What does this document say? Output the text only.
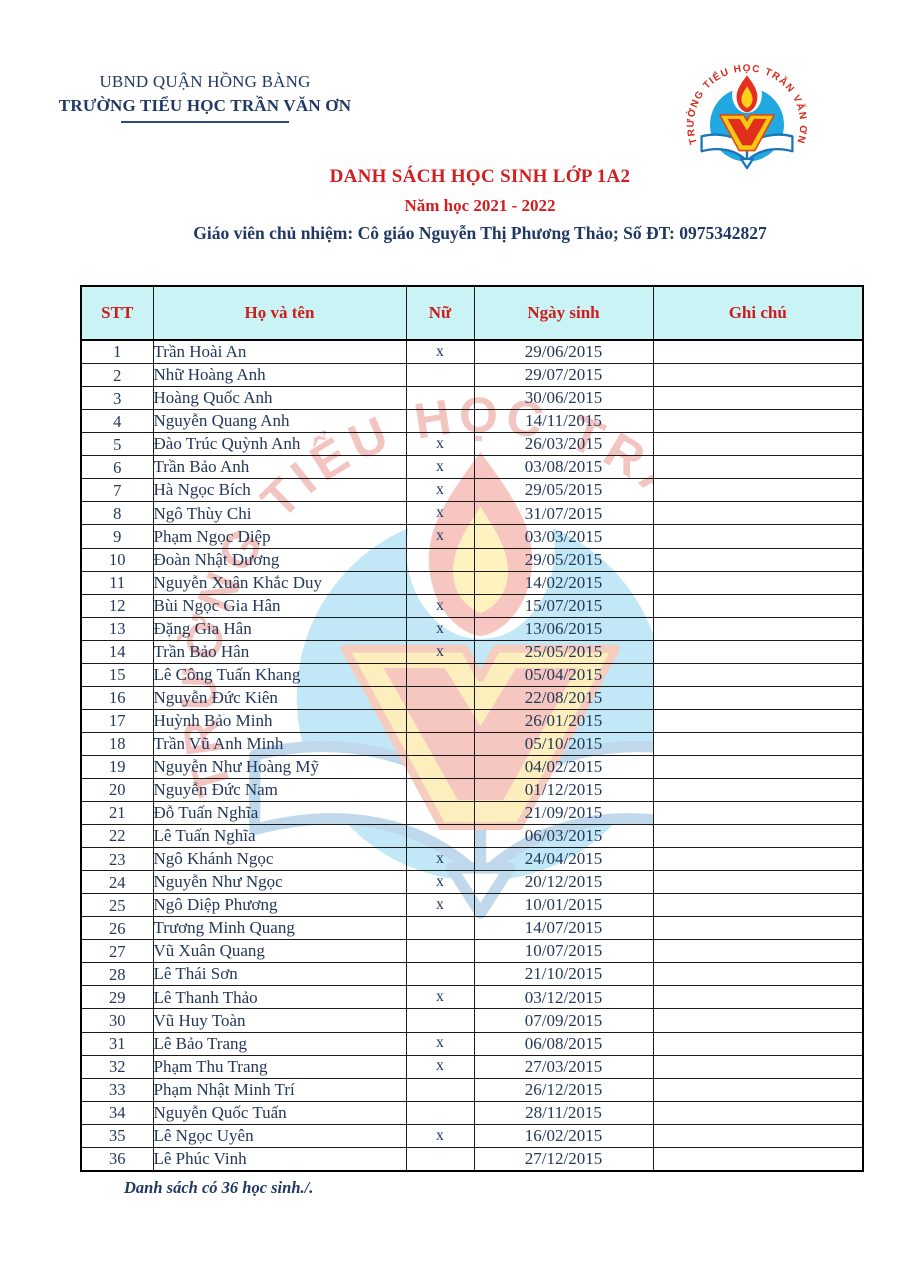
UBND QUẬN HỒNG BÀNG
TRƯỜNG TIỂU HỌC TRẦN VĂN ƠN
DANH SÁCH HỌC SINH LỚP 1A2
Năm học 2021 - 2022
Giáo viên chủ nhiệm: Cô giáo Nguyễn Thị Phương Thảo; Số ĐT: 0975342827
STT	Họ và tên	Nữ	Ngày sinh	Ghi chú
1	Trần Hoài An	x	29/06/2015	
2	Nhữ Hoàng Anh		29/07/2015	
3	Hoàng Quốc Anh		30/06/2015	
4	Nguyễn Quang Anh		14/11/2015	
5	Đào Trúc Quỳnh Anh	x	26/03/2015	
6	Trần Bảo Anh	x	03/08/2015	
7	Hà Ngọc Bích	x	29/05/2015	
8	Ngô Thùy Chi	x	31/07/2015	
9	Phạm Ngọc Diệp	x	03/03/2015	
10	Đoàn Nhật Dương		29/05/2015	
11	Nguyễn Xuân Khắc Duy		14/02/2015	
12	Bùi Ngọc Gia Hân	x	15/07/2015	
13	Đặng Gia Hân	x	13/06/2015	
14	Trần Bảo Hân	x	25/05/2015	
15	Lê Công Tuấn Khang		05/04/2015	
16	Nguyễn Đức Kiên		22/08/2015	
17	Huỳnh Bảo Minh		26/01/2015	
18	Trần Vũ Anh Minh		05/10/2015	
19	Nguyễn Như Hoàng Mỹ		04/02/2015	
20	Nguyễn Đức Nam		01/12/2015	
21	Đỗ Tuấn Nghĩa		21/09/2015	
22	Lê Tuấn Nghĩa		06/03/2015	
23	Ngô Khánh Ngọc	x	24/04/2015	
24	Nguyễn Như Ngọc	x	20/12/2015	
25	Ngô Diệp Phương	x	10/01/2015	
26	Trương Minh Quang		14/07/2015	
27	Vũ Xuân Quang		10/07/2015	
28	Lê Thái Sơn		21/10/2015	
29	Lê Thanh Thảo	x	03/12/2015	
30	Vũ Huy Toàn		07/09/2015	
31	Lê Bảo Trang	x	06/08/2015	
32	Phạm Thu Trang	x	27/03/2015	
33	Phạm Nhật Minh Trí		26/12/2015	
34	Nguyễn Quốc Tuấn		28/11/2015	
35	Lê Ngọc Uyên	x	16/02/2015	
36	Lê Phúc Vinh		27/12/2015	
Danh sách có 36 học sinh./.
